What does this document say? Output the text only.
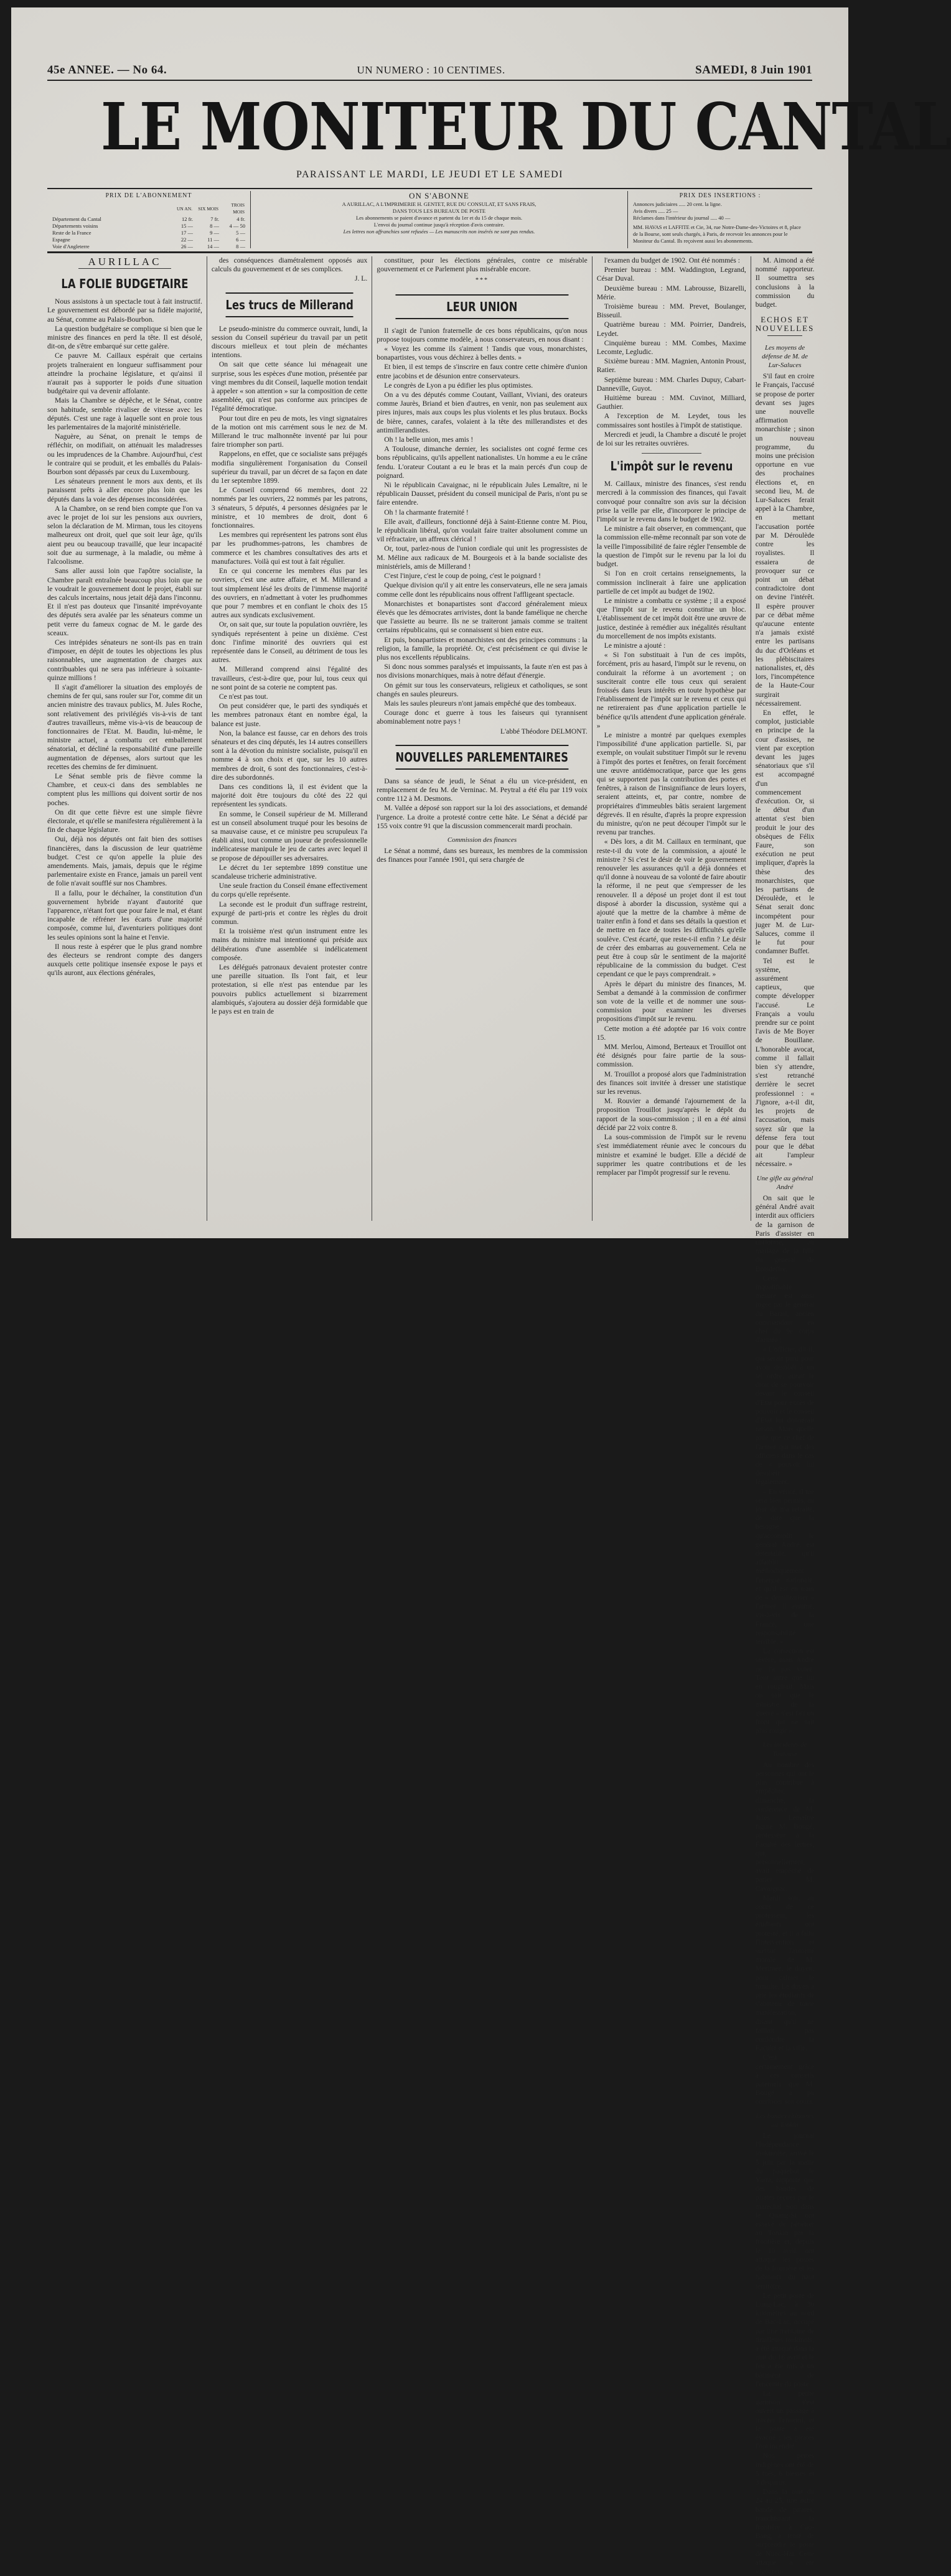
45e ANNEE. — No 64.	UN NUMERO : 10 CENTIMES.	SAMEDI, 8 Juin 1901
LE MONITEUR DU CANTAL
PARAISSANT LE MARDI, LE JEUDI ET LE SAMEDI
PRIX DE L'ABONNEMENT
	UN AN.	SIX MOIS	TROIS MOIS
Département du Cantal	12 fr.	7 fr.	4 fr.
Départements voisins	15 —	8 —	4 — 50
Reste de la France	17 —	9 —	5 —
Espagne	22 —	11 —	6 —
Voie d'Angleterre	26 —	14 —	8 —
ON S'ABONNE
A AURILLAC, A L'IMPRIMERIE H. GENTET, RUE DU CONSULAT, ET SANS FRAIS,
DANS TOUS LES BUREAUX DE POSTE
Les abonnements se paient d'avance et partent du 1er et du 15 de chaque mois.
L'envoi du journal continue jusqu'à réception d'avis contraire.
Les lettres non affranchies sont refusées — Les manuscrits non insérés ne sont pas rendus.
PRIX DES INSERTIONS :
Annonces judiciaires ..... 20 cent. la ligne.
Avis divers ..... 25 —
Réclames dans l'intérieur du journal ..... 40 —
MM. HAVAS et LAFFITE et Cie, 34, rue Notre-Dame-des-Victoires et 8, place de la Bourse, sont seuls chargés, à Paris, de recevoir les annonces pour le Moniteur du Cantal. Ils reçoivent aussi les abonnements.
AURILLAC
LA FOLIE BUDGETAIRE

Nous assistons à un spectacle tout à fait instructif. Le gouvernement est débordé par sa fidèle majorité, au Sénat, comme au Palais-Bourbon.

La question budgétaire se complique si bien que le ministre des finances en perd la tête. Il est désolé, dit-on, de s'être embarqué sur cette galère.

Ce pauvre M. Caillaux espérait que certains projets traîneraient en longueur suffisamment pour atteindre la prochaine législature, et qu'ainsi il n'aurait pas à supporter le poids d'une situation budgétaire qui va devenir affolante.

Mais la Chambre se dépêche, et le Sénat, contre son habitude, semble rivaliser de vitesse avec les députés. C'est une rage à laquelle sont en proie tous les parlementaires de la majorité ministérielle.

Naguère, au Sénat, on prenait le temps de réfléchir, on modifiait, on atténuait les maladresses ou les imprudences de la Chambre. Aujourd'hui, c'est le contraire qui se produit, et les emballés du Palais-Bourbon sont dépassés par ceux du Luxembourg.

Les sénateurs prennent le mors aux dents, et ils paraissent prêts à aller encore plus loin que les députés dans la voie des dépenses inconsidérées.

A la Chambre, on se rend bien compte que l'on va avec le projet de loi sur les pensions aux ouvriers, selon la déclaration de M. Mirman, tous les citoyens malheureux ont droit, quel que soit leur âge, qu'ils aient peu ou beaucoup travaillé, que leur incapacité soit due au surmenage, à la maladie, ou même à l'alcoolisme.

Sans aller aussi loin que l'apôtre socialiste, la Chambre paraît entraînée beaucoup plus loin que ne le voudrait le gouvernement dont le projet, établi sur des calculs incertains, nous jetait déjà dans l'inconnu. Et il n'est pas douteux que l'insanité imprévoyante des députés sera avalée par les sénateurs comme un petit verre du fameux cognac de M. le garde des sceaux.

Ces intrépides sénateurs ne sont-ils pas en train d'imposer, en dépit de toutes les objections les plus raisonnables, une augmentation de charges aux contribuables qui ne sera pas inférieure à soixante-quinze millions !

Il s'agit d'améliorer la situation des employés de chemins de fer qui, sans rouler sur l'or, comme dit un ancien ministre des travaux publics, M. Jules Roche, sont relativement des privilégiés vis-à-vis de tant d'autres travailleurs, même vis-à-vis de beaucoup de fonctionnaires de l'Etat. M. Baudin, lui-même, le ministre actuel, a combattu cet emballement sénatorial, et décliné la responsabilité d'une pareille augmentation de dépenses, alors surtout que les recettes des chemins de fer diminuent.

Le Sénat semble pris de fièvre comme la Chambre, et ceux-ci dans des semblables ne comptent plus les millions qui doivent sortir de nos poches.

On dit que cette fièvre est une simple fièvre électorale, et qu'elle se manifestera régulièrement à la fin de chaque législature.

Oui, déjà nos députés ont fait bien des sottises financières, dans la discussion de leur quatrième budget. C'est ce qu'on appelle la pluie des amendements. Mais, jamais, depuis que le régime parlementaire existe en France, jamais un pareil vent de folie n'avait soufflé sur nos Chambres.

Il a fallu, pour le déchaîner, la constitution d'un gouvernement hybride n'ayant d'autorité que l'apparence, n'étant fort que pour faire le mal, et étant incapable de réfréner les écarts d'une majorité composée, comme lui, d'aventuriers politiques dont les seules opinions sont la haine et l'envie.

Il nous reste à espérer que le plus grand nombre des électeurs se rendront compte des dangers auxquels cette politique insensée expose le pays et qu'ils auront, aux élections générales,

des conséquences diamétralement opposés aux calculs du gouvernement et de ses complices.

J. L.

Les trucs de Millerand

Le pseudo-ministre du commerce ouvrait, lundi, la session du Conseil supérieur du travail par un petit discours mielleux et tout plein de méchantes intentions.

On sait que cette séance lui ménageait une surprise, sous les espèces d'une motion, présentée par vingt membres du dit Conseil, laquelle motion tendait à appeler « son attention » sur la composition de cette assemblée, qui n'est pas conforme aux principes de l'égalité démocratique.

Pour tout dire en peu de mots, les vingt signataires de la motion ont mis carrément sous le nez de M. Millerand le truc malhonnête inventé par lui pour faire triompher son parti.

Rappelons, en effet, que ce socialiste sans préjugés modifia singulièrement l'organisation du Conseil supérieur du travail, par un décret de sa façon en date du 1er septembre 1899.

Le Conseil comprend 66 membres, dont 22 nommés par les ouvriers, 22 nommés par les patrons, 3 sénateurs, 5 députés, 4 personnes désignées par le ministre, et 10 membres de droit, dont 6 fonctionnaires.

Les membres qui représentent les patrons sont élus par les prudhommes-patrons, les chambres de commerce et les chambres consultatives des arts et manufactures. Voilà qui est tout à fait régulier.

En ce qui concerne les membres élus par les ouvriers, c'est une autre affaire, et M. Millerand a tout simplement lésé les droits de l'immense majorité des ouvriers, en n'admettant à voter les prudhommes que pour 7 membres et en confiant le choix des 15 autres aux syndicats exclusivement.

Or, on sait que, sur toute la population ouvrière, les syndiqués représentent à peine un dixième. C'est donc l'infime minorité des ouvriers qui est représentée dans le Conseil, au détriment de tous les autres.

M. Millerand comprend ainsi l'égalité des travailleurs, c'est-à-dire que, pour lui, tous ceux qui ne sont point de sa coterie ne comptent pas.

Ce n'est pas tout.

On peut considérer que, le parti des syndiqués et les membres patronaux étant en nombre égal, la balance est juste.

Non, la balance est fausse, car en dehors des trois sénateurs et des cinq députés, les 14 autres conseillers sont à la dévotion du ministre socialiste, puisqu'il en nomme 4 à son choix et que, sur les 10 autres membres de droit, 6 sont des fonctionnaires, c'est-à-dire des subordonnés.

Dans ces conditions là, il est évident que la majorité doit être toujours du côté des 22 qui représentent les syndicats.

En somme, le Conseil supérieur de M. Millerand est un conseil absolument truqué pour les besoins de sa mauvaise cause, et ce ministre peu scrupuleux l'a établi ainsi, tout comme un joueur de professionnelle indélicatesse manipule le jeu de cartes avec lequel il se propose de dépouiller ses adversaires.

Le décret du 1er septembre 1899 constitue une scandaleuse tricherie administrative.

Une seule fraction du Conseil émane effectivement du corps qu'elle représente.

La seconde est le produit d'un suffrage restreint, expurgé de parti-pris et contre les règles du droit commun.

Et la troisième n'est qu'un instrument entre les mains du ministre mal intentionné qui préside aux délibérations d'une assemblée si indélicatement composée.

Les délégués patronaux devaient protester contre une pareille situation. Ils l'ont fait, et leur protestation, si elle n'est pas entendue par les pouvoirs publics actuellement si bizarrement alambiqués, s'ajoutera au dossier déjà formidable que le pays est en train de

constituer, pour les élections générales, contre ce misérable gouvernement et ce Parlement plus misérable encore.

***
LEUR UNION

Il s'agit de l'union fraternelle de ces bons républicains, qu'on nous propose toujours comme modèle, à nous conservateurs, en nous disant :

« Voyez les comme ils s'aiment ! Tandis que vous, monarchistes, bonapartistes, vous vous déchirez à belles dents. »

Et bien, il est temps de s'inscrire en faux contre cette chimère d'union entre jacobins et de désunion entre conservateurs.

Le congrès de Lyon a pu édifier les plus optimistes.

On a vu des députés comme Coutant, Vaillant, Viviani, des orateurs comme Jaurès, Briand et bien d'autres, en venir, non pas seulement aux pires injures, mais aux coups les plus violents et les plus brutaux. Bocks de bière, cannes, carafes, volaient à la tête des millerandistes et des antimillerandistes.

Oh ! la belle union, mes amis !

A Toulouse, dimanche dernier, les socialistes ont cogné ferme ces bons républicains, qu'ils appellent nationalistes. Un homme a eu le crâne fendu. L'orateur Coutant a eu le bras et la main percés d'un coup de poignard.

Ni le républicain Cavaignac, ni le républicain Jules Lemaître, ni le républicain Dausset, président du conseil municipal de Paris, n'ont pu se faire entendre.

Oh ! la charmante fraternité !

Elle avait, d'ailleurs, fonctionné déjà à Saint-Etienne contre M. Piou, le républicain libéral, qu'on voulait faire traiter absolument comme un vil réfractaire, un affreux clérical !

Or, tout, parlez-nous de l'union cordiale qui unit les progressistes de M. Méline aux radicaux de M. Bourgeois et à la bande socialiste des ministériels, amis de Millerand !

C'est l'injure, c'est le coup de poing, c'est le poignard !

Quelque division qu'il y ait entre les conservateurs, elle ne sera jamais comme celle dont les républicains nous offrent l'affligeant spectacle.

Monarchistes et bonapartistes sont d'accord généralement mieux élevés que les démocrates arrivistes, dont la bande famélique ne cherche que l'assiette au beurre. Ils ne se traiteront jamais comme se traitent certains républicains, qui se connaissent si bien entre eux.

Et puis, bonapartistes et monarchistes ont des principes communs : la religion, la famille, la propriété. Or, c'est précisément ce qui divise le plus nos excellents républicains.

Si donc nous sommes paralysés et impuissants, la faute n'en est pas à nos divisions monarchiques, mais à notre défaut d'énergie.

On gémit sur tous les conservateurs, religieux et catholiques, se sont changés en saules pleureurs.

Mais les saules pleureurs n'ont jamais empêché que des tombeaux.

Courage donc et guerre à tous les faiseurs qui tyrannisent abominablement notre pays !

L'abbé Théodore DELMONT.

NOUVELLES PARLEMENTAIRES

Dans sa séance de jeudi, le Sénat a élu un vice-président, en remplacement de feu M. de Verninac. M. Peytral a été élu par 119 voix contre 112 à M. Desmons.

M. Vallée a déposé son rapport sur la loi des associations, et demandé l'urgence. La droite a protesté contre cette hâte. Le Sénat a décidé par 155 voix contre 91 que la discussion commencerait mardi prochain.

Commission des finances

Le Sénat a nommé, dans ses bureaux, les membres de la commission des finances pour l'année 1901, qui sera chargée de

l'examen du budget de 1902. Ont été nommés :

Premier bureau : MM. Waddington, Legrand, César Duval.

Deuxième bureau : MM. Labrousse, Bizarelli, Mérie.

Troisième bureau : MM. Prevet, Boulanger, Bisseuil.

Quatrième bureau : MM. Poirrier, Dandreis, Leydet.

Cinquième bureau : MM. Combes, Maxime Lecomte, Legludic.

Sixième bureau : MM. Magnien, Antonin Proust, Ratier.

Septième bureau : MM. Charles Dupuy, Cabart-Danneville, Guyot.

Huitième bureau : MM. Cuvinot, Milliard, Gauthier.

A l'exception de M. Leydet, tous les commissaires sont hostiles à l'impôt de statistique.

Mercredi et jeudi, la Chambre a discuté le projet de loi sur les retraites ouvrières.

L'impôt sur le revenu

M. Caillaux, ministre des finances, s'est rendu mercredi à la commission des finances, qui l'avait convoqué pour connaître son avis sur la décision prise la veille par elle, d'incorporer le principe de l'impôt sur le revenu dans le budget de 1902.

Le ministre a fait observer, en commençant, que la commission elle-même reconnaît par son vote de la veille l'impossibilité de faire régler l'ensemble de la question de l'impôt sur le revenu par la loi du budget.

Si l'on en croit certains renseignements, la commission inclinerait à faire une application partielle de cet impôt au budget de 1902.

Le ministre a combattu ce système ; il a exposé que l'impôt sur le revenu constitue un bloc. L'établissement de cet impôt doit être une œuvre de justice, destinée à remédier aux inégalités résultant du morcellement de nos impôts existants.

Le ministre a ajouté :

« Si l'on substituait à l'un de ces impôts, forcément, pris au hasard, l'impôt sur le revenu, on conduirait la réforme à un avortement ; on susciterait contre elle tous ceux qui seraient froissés dans leurs intérêts en toute hypothèse par l'établissement de l'impôt sur le revenu et ceux qui ne retireraient pas d'une application partielle le bénéfice qu'ils attendent d'une application générale. »

Le ministre a montré par quelques exemples l'impossibilité d'une application partielle. Si, par exemple, on voulait substituer l'impôt sur le revenu à l'impôt des portes et fenêtres, on ferait forcément une œuvre antidémocratique, parce que les gens qui se supportent pas la contribution des portes et fenêtres, à raison de l'insignifiance de leurs loyers, seraient atteints, et, par contre, nombre de propriétaires d'immeubles bâtis seraient largement dégrevés. Il en résulte, d'après la propre expression du ministre, qu'on ne peut découper l'impôt sur le revenu par tranches.

« Dès lors, a dit M. Caillaux en terminant, que reste-t-il du vote de la commission, a ajouté le ministre ? Si c'est le désir de voir le gouvernement renouveler les assurances qu'il a déjà données et qu'il donne à nouveau de sa volonté de faire aboutir la réforme, il ne peut que s'empresser de les renouveler. Il a déposé un projet dont il est tout disposé à aborder la discussion, système qui a ajouté que la mettre de la chambre à même de traiter enfin à fond et dans ses détails la question et de mettre en face de toutes les difficultés qu'elle soulève. C'est écarté, que reste-t-il enfin ? Le désir de créer des embarras au gouvernement. Cela ne peut être à coup sûr le sentiment de la majorité républicaine de la commission du budget. C'est cependant ce que le pays comprendrait. »

Après le départ du ministre des finances, M. Sembat a demandé à la commission de confirmer son vote de la veille et de nommer une sous-commission pour examiner les diverses propositions d'impôt sur le revenu.

Cette motion a été adoptée par 16 voix contre 15.

MM. Merlou, Aimond, Berteaux et Trouillot ont été désignés pour faire partie de la sous-commission.

M. Trouillot a proposé alors que l'administration des finances soit invitée à dresser une statistique sur les revenus.

M. Rouvier a demandé l'ajournement de la proposition Trouillot jusqu'après le dépôt du rapport de la sous-commission ; il en a été ainsi décidé par 22 voix contre 8.

La sous-commission de l'impôt sur le revenu s'est immédiatement réunie avec le concours du ministre et examiné le budget. Elle a décidé de supprimer les quatre contributions et de les remplacer par l'impôt progressif sur le revenu.

M. Aimond a été nommé rapporteur. Il soumettra ses conclusions à la commission du budget.

ECHOS ET NOUVELLES
Les moyens de défense de M. de Lur-Saluces

S'il faut en croire le Français, l'accusé se propose de porter devant ses juges une nouvelle affirmation monarchiste ; sinon un nouveau programme, du moins une précision opportune en vue des prochaines élections et, en second lieu, M. de Lur-Saluces ferait appel à la Chambre, en mettant l'accusation portée par M. Déroulède contre les royalistes. Il essaiera de provoquer sur ce point un débat contradictoire dont on devine l'intérêt. Il espère prouver par ce débat même qu'aucune entente n'a jamais existé entre les partisans du duc d'Orléans et les plébiscitaires nationalistes, et, dès lors, l'incompétence de la Haute-Cour surgirait nécessairement.

En effet, le complot, justiciable en principe de la cour d'assises, ne vient par exception devant les juges sénatoriaux que s'il est accompagné d'un commencement d'exécution. Or, si le début d'un attentat s'est bien produit le jour des obsèques de Félix Faure, son exécution ne peut impliquer, d'après la thèse des monarchistes, que les partisans de Déroulède, et le Sénat serait donc incompétent pour juger M. de Lur-Saluces, comme il le fut pour condamner Buffet.

Tel est le système, assurément captieux, que compte développer l'accusé. Le Français a voulu prendre sur ce point l'avis de Me Boyer de Bouillane. L'honorable avocat, comme il fallait bien s'y attendre, s'est retranché derrière le secret professionnel : « J'ignore, a-t-il dit, les projets de l'accusation, mais soyez sûr que la défense fera tout pour que le débat ait l'ampleur nécessaire. »

Une gifle au général André

On sait que le général André avait interdit aux officiers de la garnison de Paris d'assister en uniforme, au mariage de la fille du général de Boisdeffre.

Cette inqualifiable mesure est ainsi jugée par le général du Barail, ancien commandant en chef du 9e corps d'armée :

« L'officier, dit-il, qui serait puni pour avoir désobéi à un tel ordre, aurait le droit de se pourvoir devant le conseil d'Etat pour excès de pouvoir et le conseil d'Etat lui donnerait raison. Mais quelle pitié que ce chef de l'armée qui met des officiers dans le cas de « pouvoir lui désobéir légalement.

« En vérité, il me sera bien permis, au jour de ma retraite, de dire que la besogne qu'accomplit le général André, est détestable, qu'il affaiblit méthodiquement l'énergie nationale, et qu'il est en train de « démilitariser » l'armée. Il assume, vis-à-vis de la France, une responsabilité terrible. »

La correction est sévère, mais André ne l'a pas volée. Tout autre que lui en rougirait. Mais on sait que le ministre de la guerre « s'est fait un front qui ne sait plus rougir ».

Les incidents de Toulouse

Au nombre des personnes qui ont le plus contribué à empêcher, dimanche, la conférence de M. Jules Lemaître figure M. Bougé, professeur à la Faculté des lettres, qui, personnellement, avait empêché de parler M. Cavaignac.

Mardi soir, au cours de ce professeur, les étudiants ont protesté, et il a fallu l'intervention et surtout l'autorité morale de M. Mérimée, le doyen, pour calmer le tumulte. Le doyen a prié les étudiants de s'abstenir de toute manifestation, disant qu'il ne faillait pas confondre la Faculté et la ville.

C'est certainement grâce à ces conseils paternels que M. Bougé a pu continuer son cours.

Les bandes chinoises au Tonkin

Le journal l'Indépendance tonkinoise, arrivé le 5 juin par la malle du paquebot le Yarra, rapporte que des bandes de pirates reçues par le maréchal Sou dans le Quang-Si ont essayé de pénétrer au Tonkin par la frontière et, depuis le 10 avril, ont attaqué les postes de la frontière et les habitants du haut territoire.

Le petit poste de Lung-Lac, à 30 kilomètres au nord de Bac-Lac, occupé par une trentaine de tirailleurs tonkinois, a été attaqué dans la nuit du 16 avril et le feu a été mis à un bâtiment de l'enceinte du poste.

La petite garnison s'est ouvert un passage à travers l'ennemi, et le poste a été évacué ; les pirates l'ont incendié.

Nos pertes indigènes ont été de 5 tués, 6 blessés et 3 disparus.

Dans la nuit du 24 au 25, une autre bande de pirates, franchissant la frontière à Cao-Bang, a tenté de surprendre le poste de Nuoc-Hai. Cette attaque a été vigoureu-
